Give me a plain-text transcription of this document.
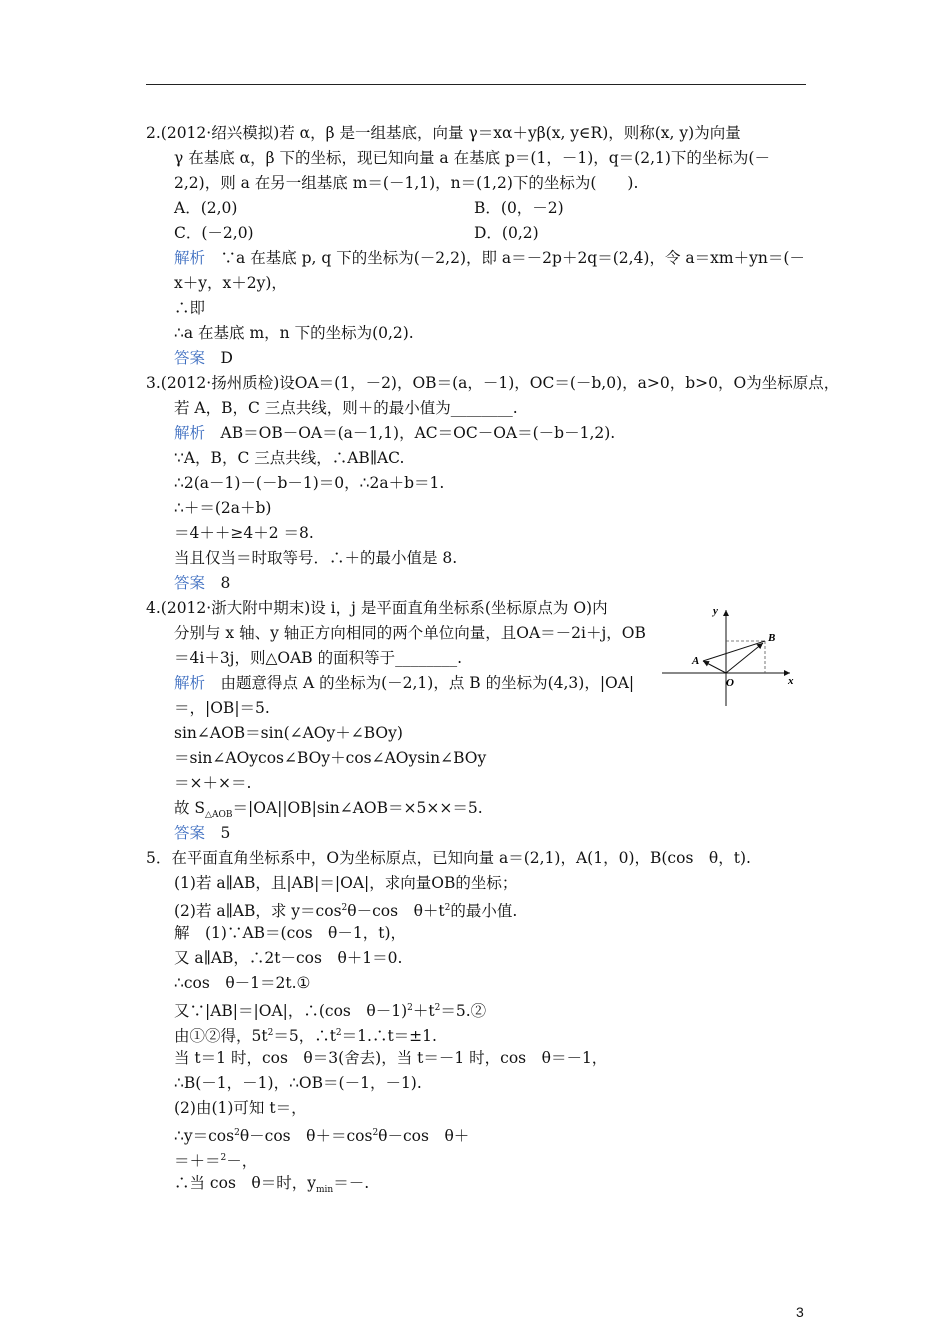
2.(2012·绍兴模拟)若 α，β 是一组基底，向量 γ＝xα＋yβ(x, y∈R)，则称(x, y)为向量
γ 在基底 α，β 下的坐标，现已知向量 a 在基底 p＝(1，－1)，q＝(2,1)下的坐标为(－
2,2)，则 a 在另一组基底 m＝(－1,1)，n＝(1,2)下的坐标为(　　).
A．(2,0)	B．(0，－2)
C．(－2,0)	D．(0,2)
解析　 ∵a 在基底 p, q 下的坐标为(－2,2)，即 a＝－2p＋2q＝(2,4)，令 a＝xm＋yn＝(－
x＋y，x＋2y)，
∴即
∴a 在基底 m，n 下的坐标为(0,2).
答案　 D
3.(2012·扬州质检)设OA＝(1，－2)，OB＝(a，－1)，OC＝(－b,0)，a>0，b>0，O为坐标原点，
若 A，B，C 三点共线，则＋的最小值为________.
解析　 AB＝OB－OA＝(a－1,1)，AC＝OC－OA＝(－b－1,2).
∵A，B，C 三点共线，∴AB∥AC.
∴2(a－1)－(－b－1)＝0，∴2a＋b＝1.
∴＋＝(2a＋b)
＝4＋＋≥4＋2 ＝8.
当且仅当＝时取等号．∴＋的最小值是 8.
答案　 8
4.(2012·浙大附中期末)设 i，j 是平面直角坐标系(坐标原点为 O)内
分别与 x 轴、y 轴正方向相同的两个单位向量，且OA＝－2i＋j，OB
＝4i＋3j，则△OAB 的面积等于________.
解析　 由题意得点 A 的坐标为(－2,1)，点 B 的坐标为(4,3)，|OA|
＝，|OB|＝5.
sin∠AOB＝sin(∠AOy＋∠BOy)
＝sin∠AOycos∠BOy＋cos∠AOysin∠BOy
＝×＋×＝.
故 $S_{\triangle AOB}=|OA||OB|\sin\angle AOB=\times 5\times\times=5$.
答案　 5
y
x
A
B
O
5．在平面直角坐标系中，O为坐标原点，已知向量 a＝(2,1)，A(1，0)，B(cos　θ，t).
(1)若 a∥AB，且|AB|＝|OA|，求向量OB的坐标；
(2)若 a∥AB，求 $y=\cos^2\theta-\cos$　$\theta+t^2$的最小值.
解　(1)∵AB＝(cos　θ－1，t)，
又 a∥AB，∴2t－cos　θ＋1＝0.
∴cos　θ－1＝2t.①
又∵|AB|＝|OA|，∴(cos　$\theta-1)^2+t^2=5.②$
由①②得，$5t^2=5$，$\therefore t^2=1.\therefore t=\pm 1$.
当 t＝1 时，cos　θ＝3(舍去)，当 t＝－1 时，cos　θ＝－1，
∴B(－1，－1)，∴OB＝(－1，－1).
(2)由(1)可知 t＝，
$\therefore y=\cos^2\theta-\cos$　$\theta+=\cos^2\theta-\cos$　θ＋
＝＋＝$^2$－，
∴当 cos　θ＝时，$y_{min}=-$.
3
